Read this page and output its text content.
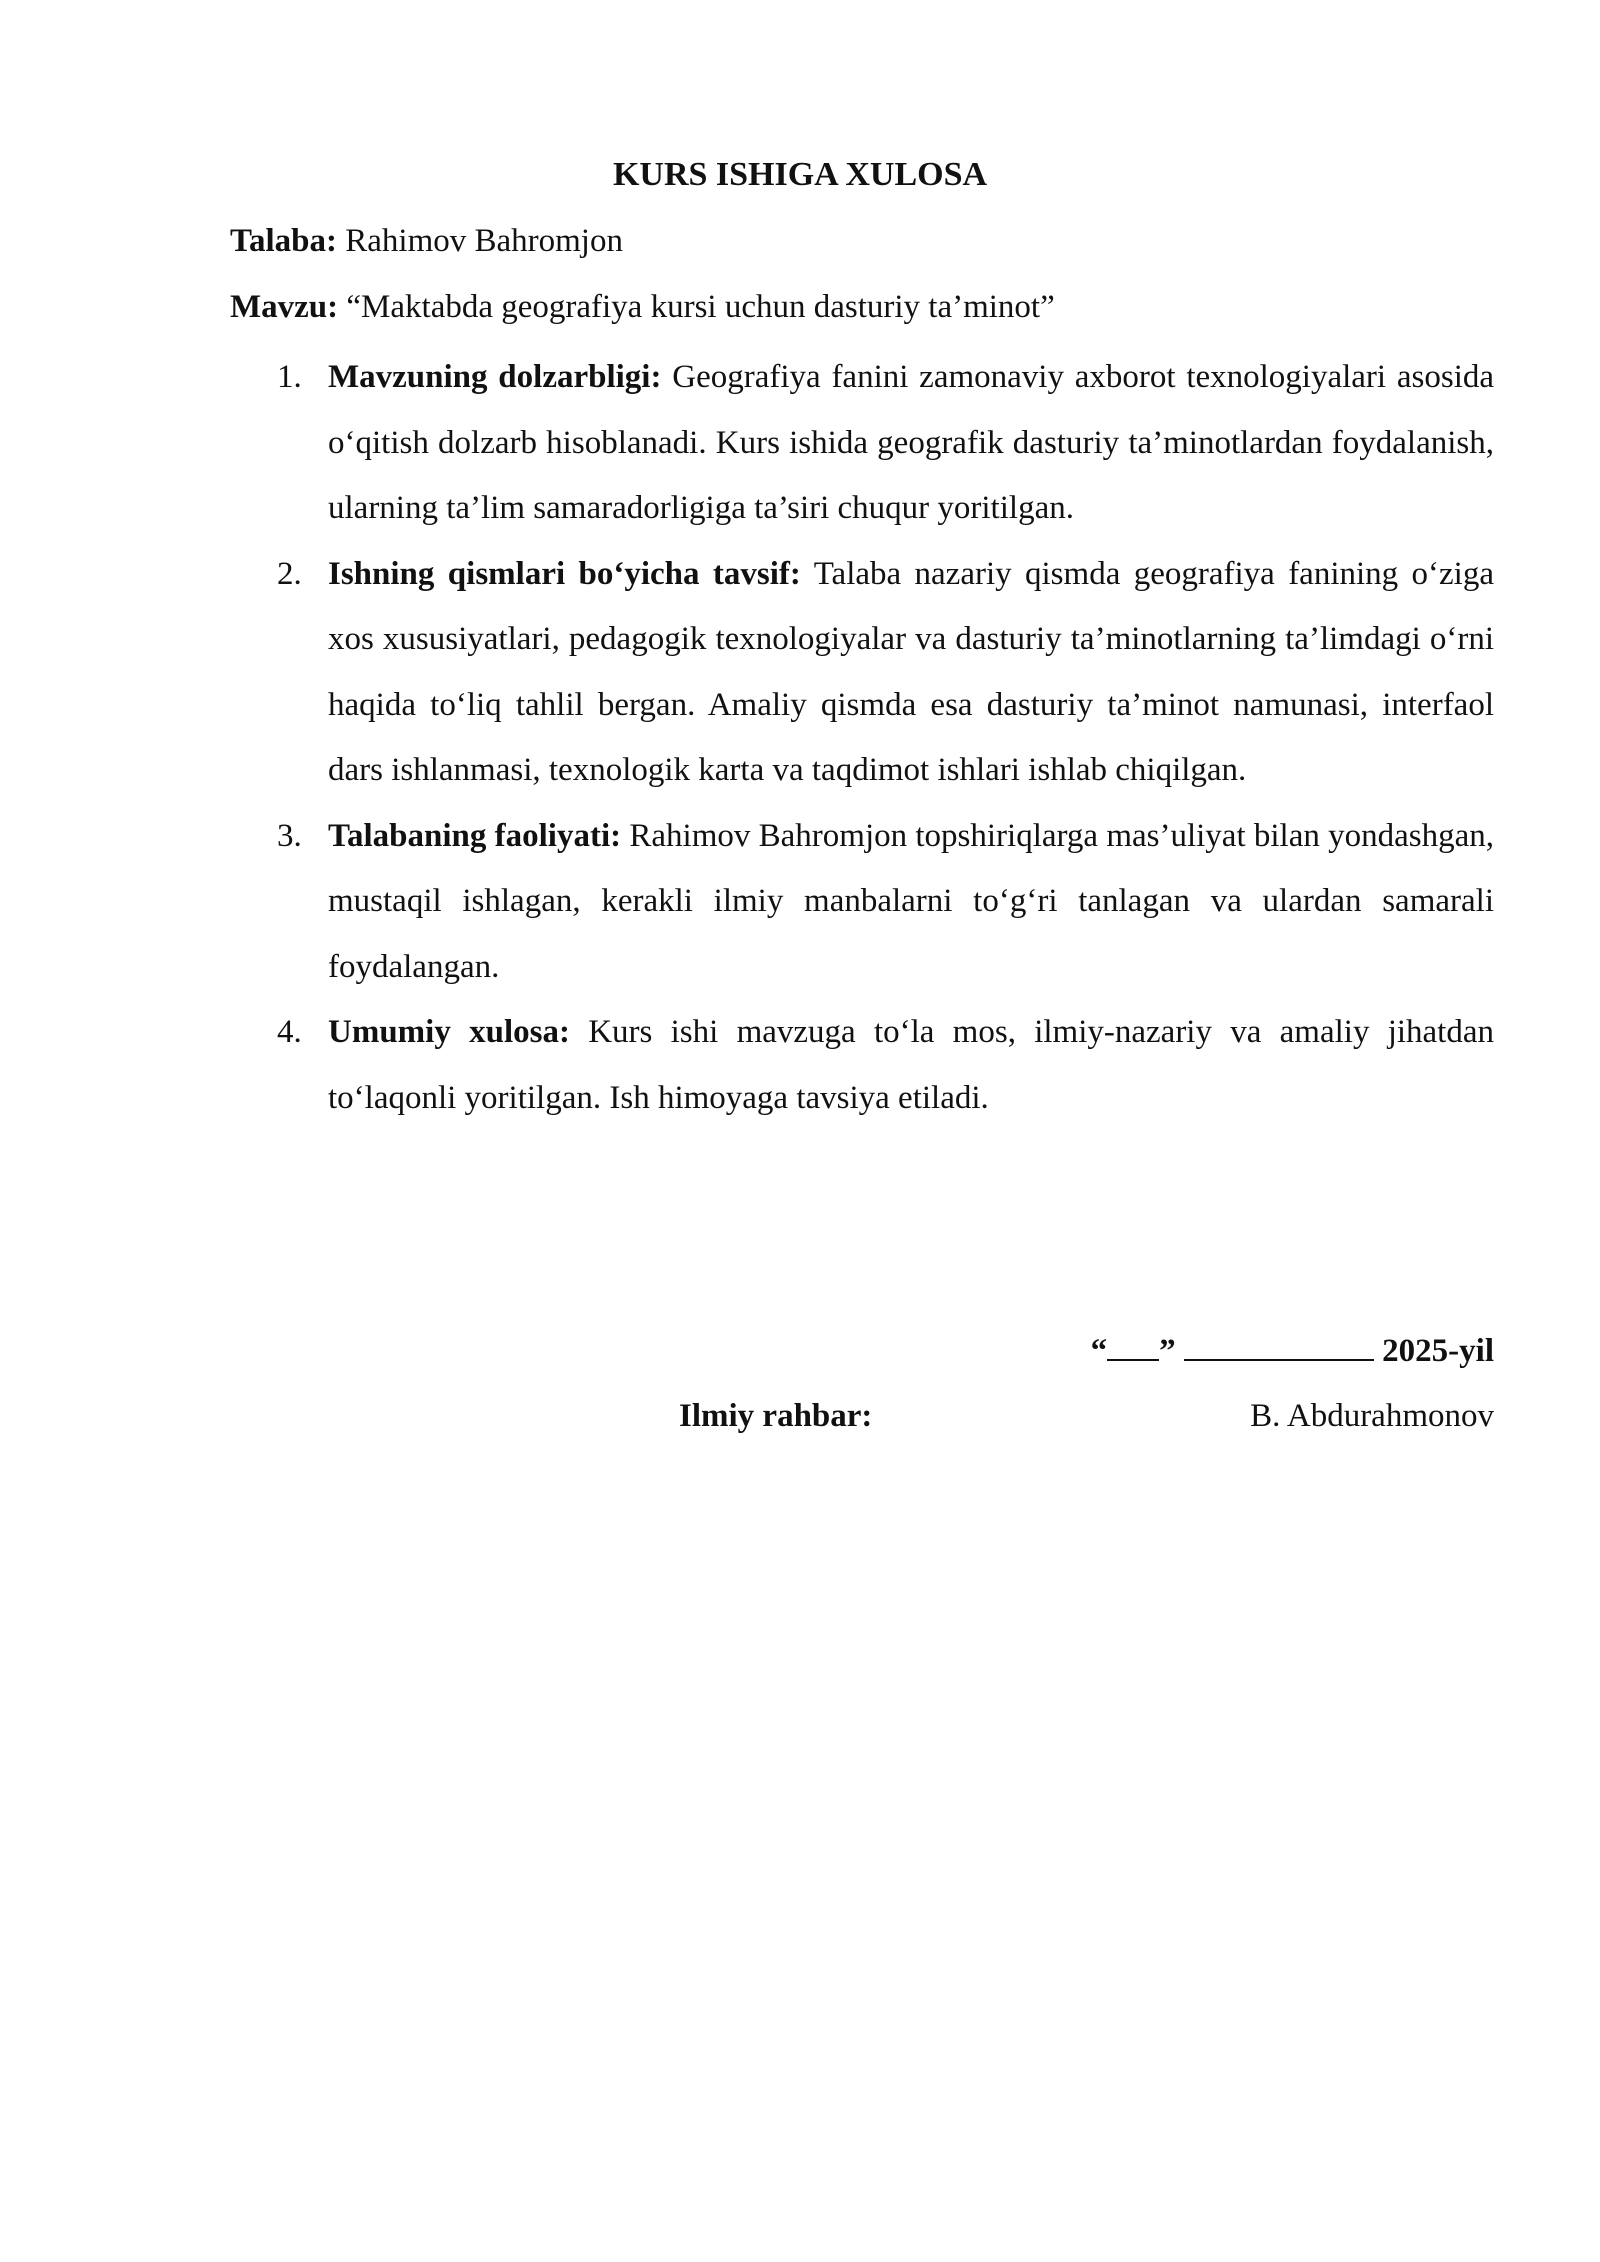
KURS ISHIGA XULOSA
Talaba: Rahimov Bahromjon
Mavzu: “Maktabda geografiya kursi uchun dasturiy ta’minot”
1. Mavzuning dolzarbligi: Geografiya fanini zamonaviy axborot texnologiyalari asosida o‘qitish dolzarb hisoblanadi. Kurs ishida geografik dasturiy ta’minotlardan foydalanish, ularning ta’lim samaradorligiga ta’siri chuqur yoritilgan.
2. Ishning qismlari bo‘yicha tavsif: Talaba nazariy qismda geografiya fanining o‘ziga xos xususiyatlari, pedagogik texnologiyalar va dasturiy ta’minotlarning ta’limdagi o‘rni haqida to‘liq tahlil bergan. Amaliy qismda esa dasturiy ta’minot namunasi, interfaol dars ishlanmasi, texnologik karta va taqdimot ishlari ishlab chiqilgan.
3. Talabaning faoliyati: Rahimov Bahromjon topshiriqlarga mas’uliyat bilan yondashgan, mustaqil ishlagan, kerakli ilmiy manbalarni to‘g‘ri tanlagan va ulardan samarali foydalangan.
4. Umumiy xulosa: Kurs ishi mavzuga to‘la mos, ilmiy-nazariy va amaliy jihatdan to‘laqonli yoritilgan. Ish himoyaga tavsiya etiladi.
“ ”	2025-yil
Ilmiy rahbar:	B. Abdurahmonov
